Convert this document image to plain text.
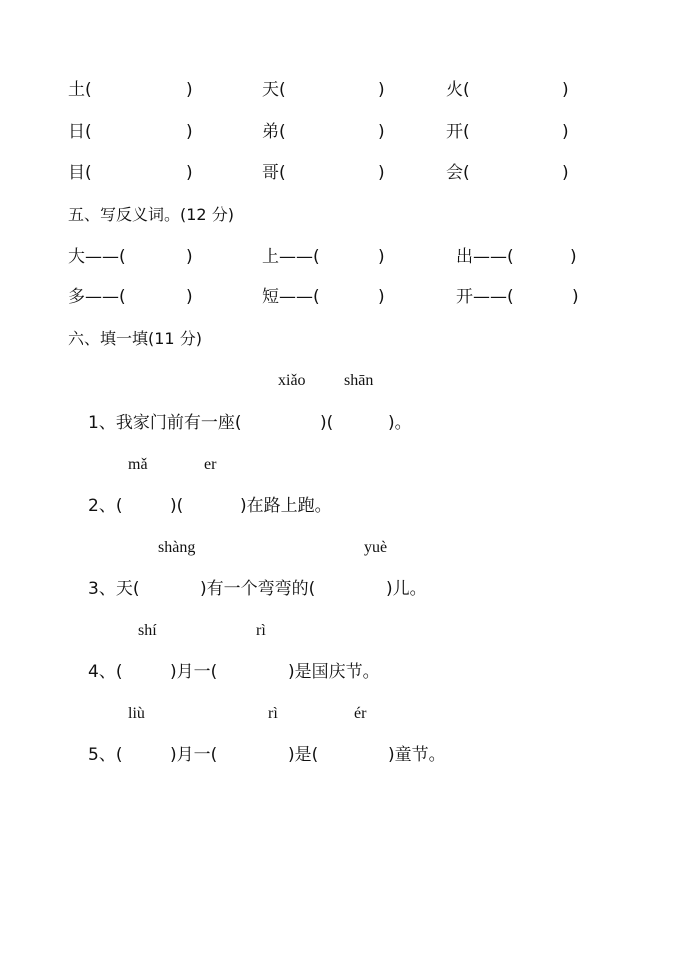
土(	)	天(	)	火(	)
日(	)	弟(	)	开(	)
目(	)	哥(	)	会(	)
五、写反义词。(12 分)
大——(	)	上——(	)	出——(	)
多——(	)	短——(	)	开——(	)
六、填一填(11 分)
xiǎo shān
1、我家门前有一座(	)(	)。
mǎ	er
2、(	)(	)在路上跑。
shàng	yuè
3、天(	)有一个弯弯的(	)儿。
shí	rì
4、(	)月一(	)是国庆节。
liù	rì	ér
5、(	)月一(	)是(	)童节。
